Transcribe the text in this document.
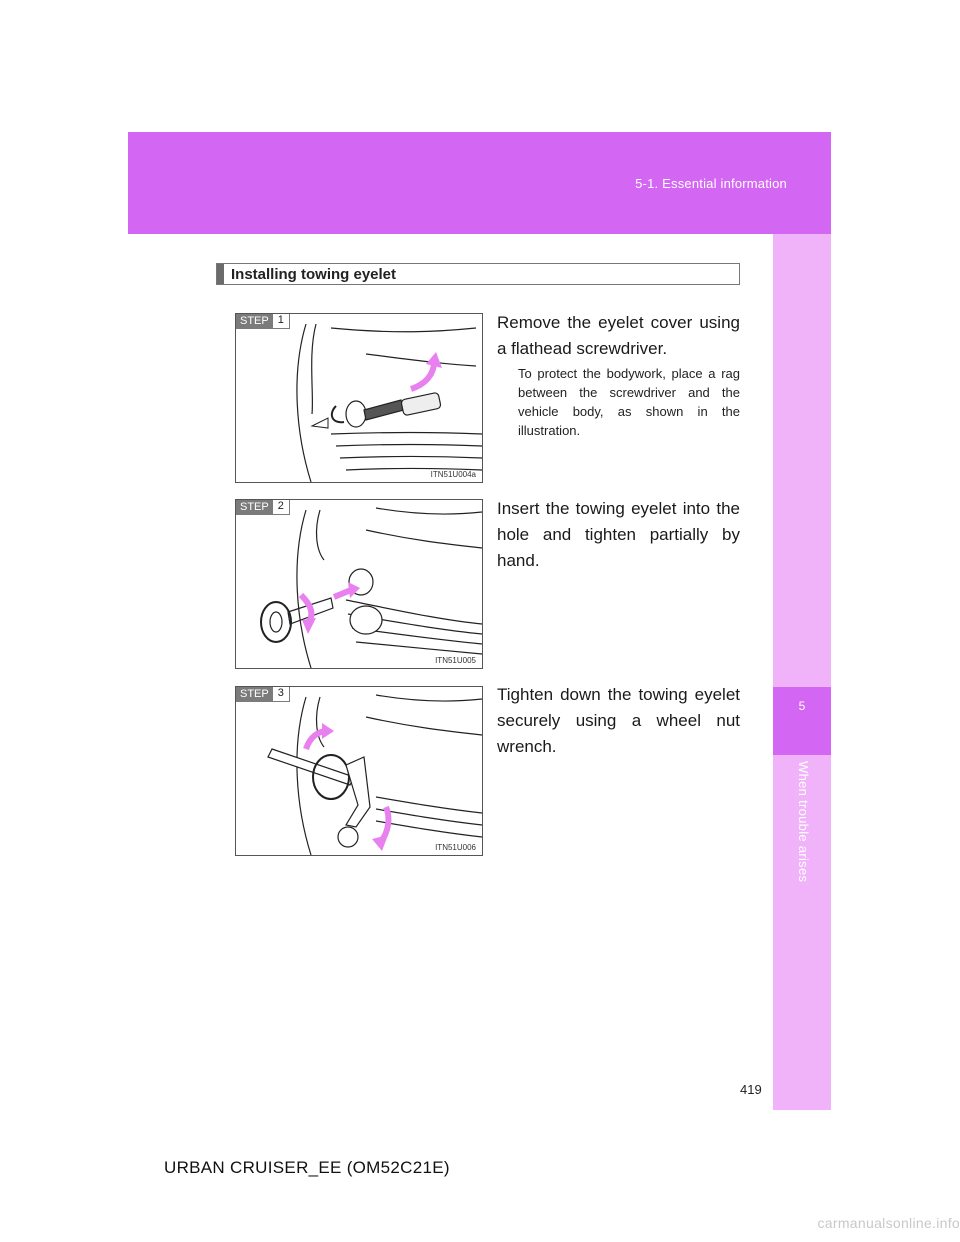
5-1. Essential information
5
When trouble arises
Installing towing eyelet
STEP 1
ITN51U004a
Remove the eyelet cover using a flathead screwdriver.
To protect the bodywork, place a rag between the screwdriver and the vehicle body, as shown in the illustration.
STEP 2
ITN51U005
Insert the towing eyelet into the hole and tighten partially by hand.
STEP 3
ITN51U006
Tighten down the towing eyelet securely using a wheel nut wrench.
419
URBAN CRUISER_EE (OM52C21E)
carmanualsonline.info
